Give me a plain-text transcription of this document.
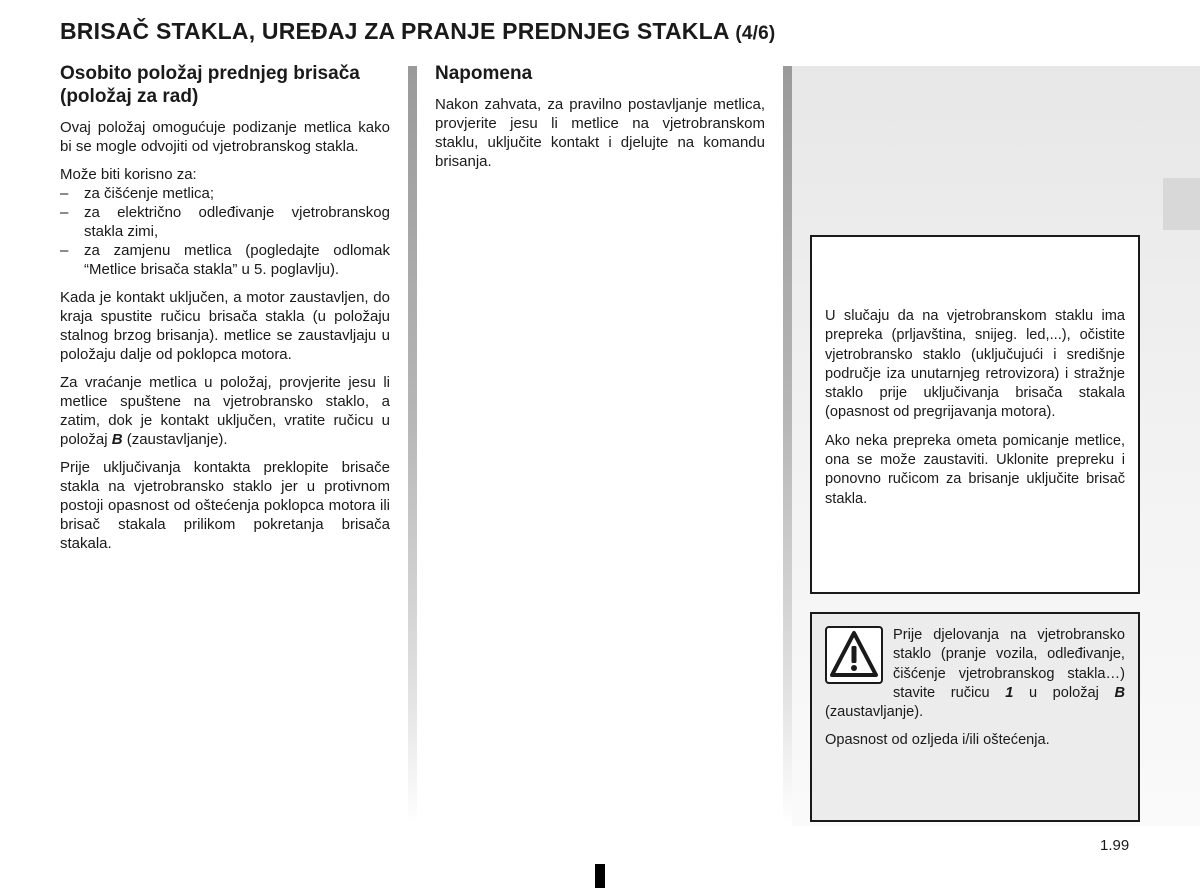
BRISAČ STAKLA, UREĐAJ ZA PRANJE PREDNJEG STAKLA (4/6)
Osobito položaj prednjeg brisača (položaj za rad)

Ovaj položaj omogućuje podizanje metlica kako bi se mogle odvojiti od vjetrobranskog stakla.

Može biti korisno za:

– za čišćenje metlica;
– za električno odleđivanje vjetrobranskog stakla zimi,
– za zamjenu metlica (pogledajte odlomak “Metlice brisača stakla” u 5. poglavlju).

Kada je kontakt uključen, a motor zaustavljen, do kraja spustite ručicu brisača stakla (u položaju stalnog brzog brisanja). metlice se zaustavljaju u položaju dalje od poklopca motora.

Za vraćanje metlica u položaj, provjerite jesu li metlice spuštene na vjetrobransko staklo, a zatim, dok je kontakt uključen, vratite ručicu u položaj B (zaustavljanje).

Prije uključivanja kontakta preklopite brisače stakla na vjetrobransko staklo jer u protivnom postoji opasnost od oštećenja poklopca motora ili brisač stakala prilikom pokretanja brisača stakala.

Napomena

Nakon zahvata, za pravilno postavljanje metlica, provjerite jesu li metlice na vjetrobranskom staklu, uključite kontakt i djelujte na komandu brisanja.

U slučaju da na vjetrobranskom staklu ima prepreka (prljavština, snijeg. led,...), očistite vjetrobransko staklo (uključujući i središnje područje iza unutarnjeg retrovizora) i stražnje staklo prije uključivanja brisača stakala (opasnost od pregrijavanja motora).

Ako neka prepreka ometa pomicanje metlice, ona se može zaustaviti. Uklonite prepreku i ponovno ručicom za brisanje uključite brisač stakla.

Prije djelovanja na vjetrobransko staklo (pranje vozila, odleđivanje, čišćenje vjetrobranskog stakla…) stavite ručicu 1 u položaj B (zaustavljanje).

Opasnost od ozljeda i/ili oštećenja.

1.99
